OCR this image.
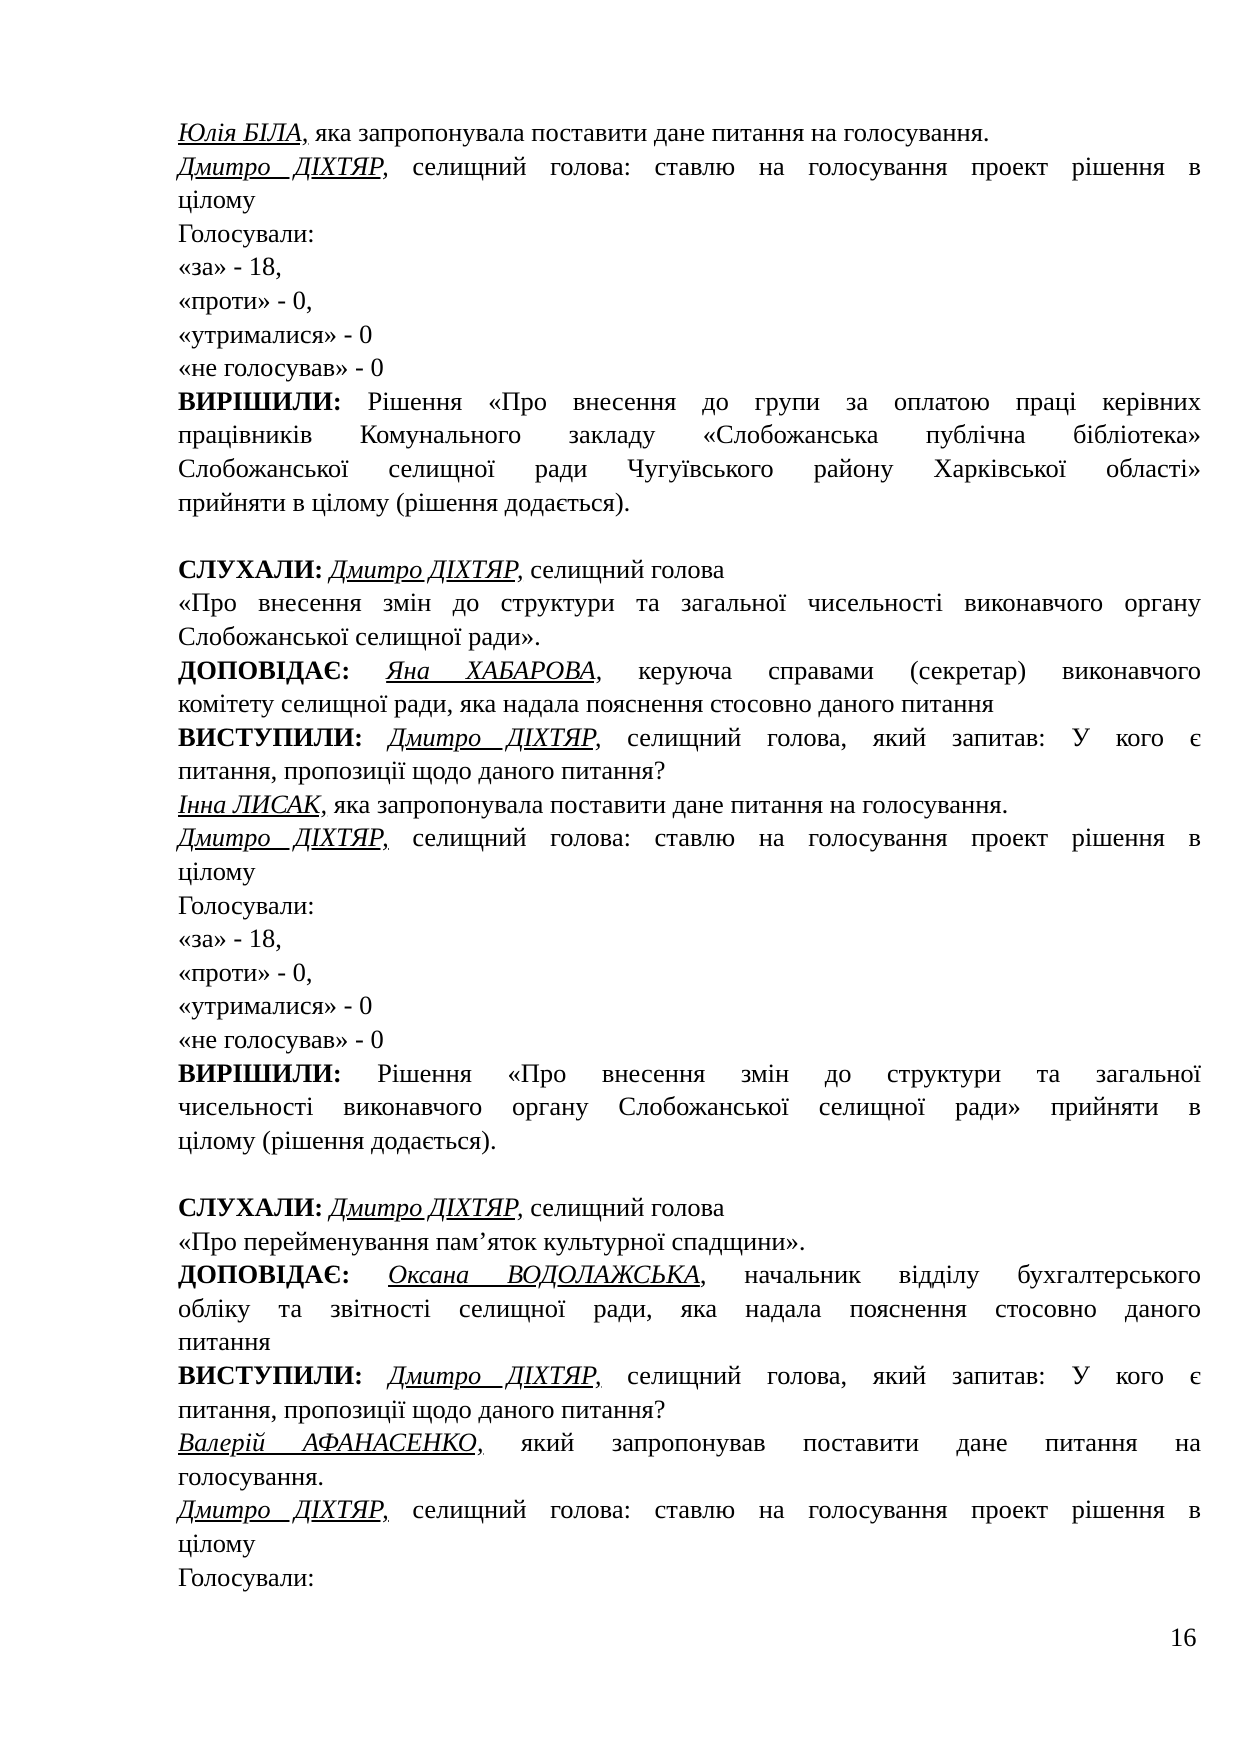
Юлія БІЛА, яка запропонувала поставити дане питання на голосування.
Дмитро ДІХТЯР, селищний голова: ставлю на голосування проект рішення в
цілому
Голосували:
«за» - 18,
«проти» - 0,
«утрималися» - 0
«не голосував» - 0
ВИРІШИЛИ: Рішення «Про внесення до групи за оплатою праці керівних
працівників Комунального закладу «Слобожанська публічна бібліотека»
Слобожанської селищної ради Чугуївського району Харківської області»
прийняти в цілому (рішення додається).
СЛУХАЛИ: Дмитро ДІХТЯР, селищний голова
«Про внесення змін до структури та загальної чисельності виконавчого органу
Слобожанської селищної ради».
ДОПОВІДАЄ: Яна ХАБАРОВА, керуюча справами (секретар) виконавчого
комітету селищної ради, яка надала пояснення стосовно даного питання
ВИСТУПИЛИ: Дмитро ДІХТЯР, селищний голова, який запитав: У кого є
питання, пропозиції щодо даного питання?
Інна ЛИСАК, яка запропонувала поставити дане питання на голосування.
Дмитро ДІХТЯР, селищний голова: ставлю на голосування проект рішення в
цілому
Голосували:
«за» - 18,
«проти» - 0,
«утрималися» - 0
«не голосував» - 0
ВИРІШИЛИ: Рішення «Про внесення змін до структури та загальної
чисельності виконавчого органу Слобожанської селищної ради» прийняти в
цілому (рішення додається).
СЛУХАЛИ: Дмитро ДІХТЯР, селищний голова
«Про перейменування пам’яток культурної спадщини».
ДОПОВІДАЄ: Оксана ВОДОЛАЖСЬКА, начальник відділу бухгалтерського
обліку та звітності селищної ради, яка надала пояснення стосовно даного
питання
ВИСТУПИЛИ: Дмитро ДІХТЯР, селищний голова, який запитав: У кого є
питання, пропозиції щодо даного питання?
Валерій АФАНАСЕНКО, який запропонував поставити дане питання на
голосування.
Дмитро ДІХТЯР, селищний голова: ставлю на голосування проект рішення в
цілому
Голосували:
16
